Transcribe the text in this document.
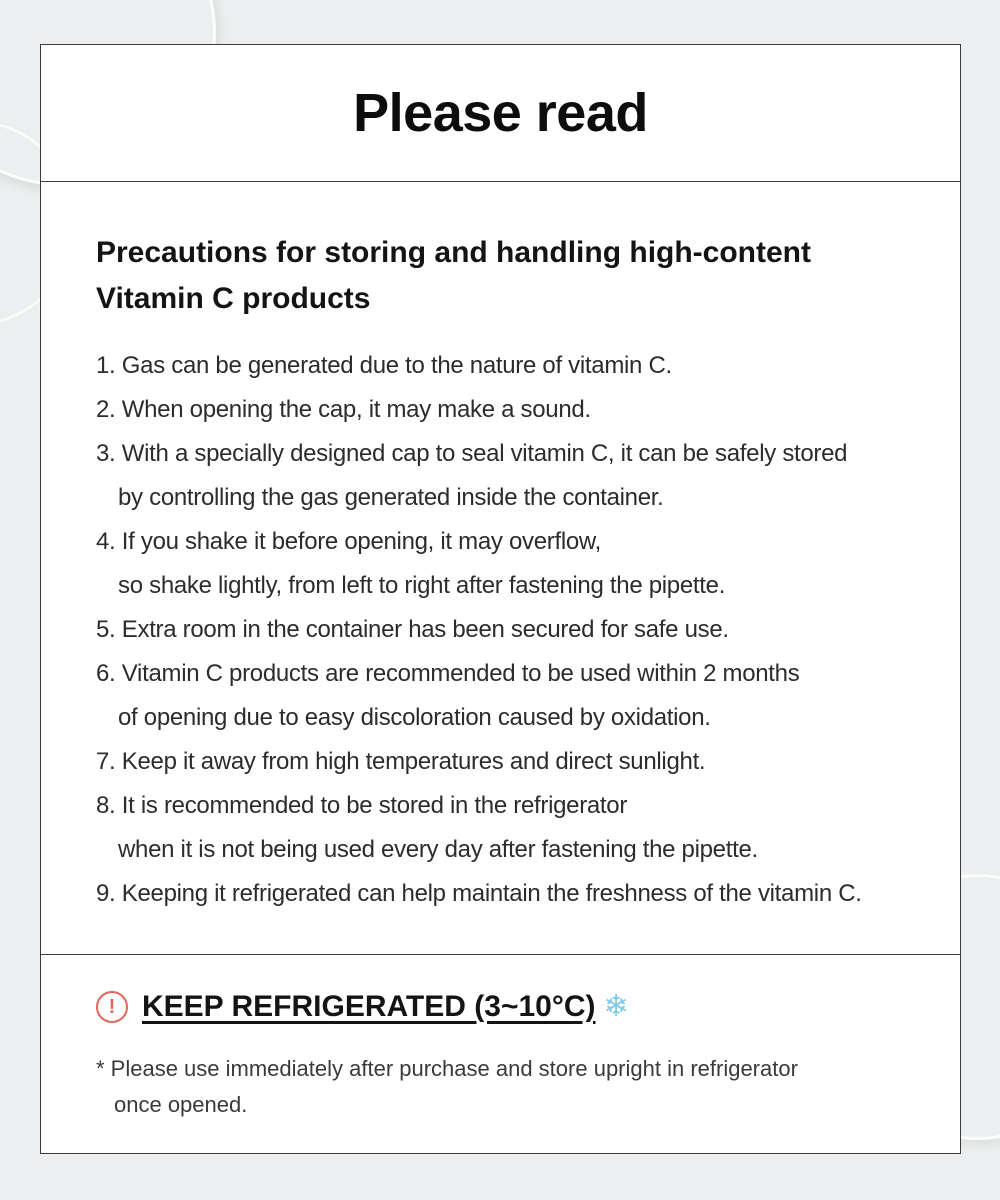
Please read
Precautions for storing and handling high-content Vitamin C products
1. Gas can be generated due to the nature of vitamin C.
2. When opening the cap, it may make a sound.
3. With a specially designed cap to seal vitamin C, it can be safely stored
by controlling the gas generated inside the container.
4. If you shake it before opening, it may overflow,
so shake lightly, from left to right after fastening the pipette.
5. Extra room in the container has been secured for safe use.
6. Vitamin C products are recommended to be used within 2 months
of opening due to easy discoloration caused by oxidation.
7. Keep it away from high temperatures and direct sunlight.
8. It is recommended to be stored in the refrigerator
when it is not being used every day after fastening the pipette.
9. Keeping it refrigerated can help maintain the freshness of the vitamin C.
! KEEP REFRIGERATED (3~10°C) ❄
* Please use immediately after purchase and store upright in refrigerator
once opened.
